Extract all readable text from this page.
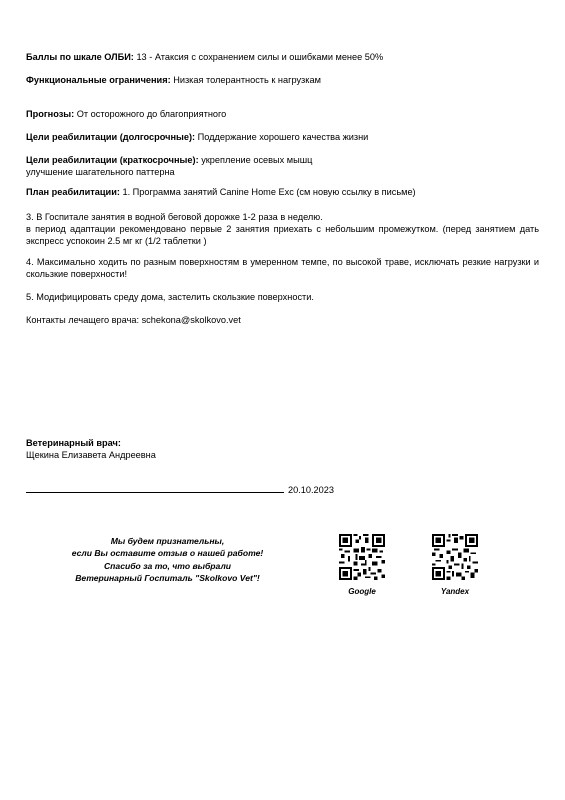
Баллы по шкале ОЛБИ: 13 - Атаксия с сохранением силы и ошибками менее 50%
Функциональные ограничения: Низкая толерантность к нагрузкам
Прогнозы: От осторожного до благоприятного
Цели реабилитации (долгосрочные): Поддержание хорошего качества жизни
Цели реабилитации (краткосрочные): укрепление осевых мышц
улучшение шагательного паттерна
План реабилитации: 1. Программа занятий Canine Home Exc (см новую ссылку в письме)
3. В Госпитале занятия в водной беговой дорожке 1-2 раза в неделю.
в период адаптации рекомендовано первые 2 занятия приехать с небольшим промежутком. (перед занятием дать экспресс успокоин 2.5 мг кг (1/2 таблетки )
4. Максимально ходить по разным поверхностям в умеренном темпе, по высокой траве, исключать резкие нагрузки и скользкие поверхности!
5. Модифицировать среду дома, застелить скользкие поверхности.
Контакты лечащего врача: schekona@skolkovo.vet
Ветеринарный врач:
Щекина Елизавета Андреевна
20.10.2023
Мы будем признательны,
если Вы оставите отзыв о нашей работе!
Спасибо за то, что выбрали
Ветеринарный Госпиталь "Skolkovo Vet"!
Google	Yandex
